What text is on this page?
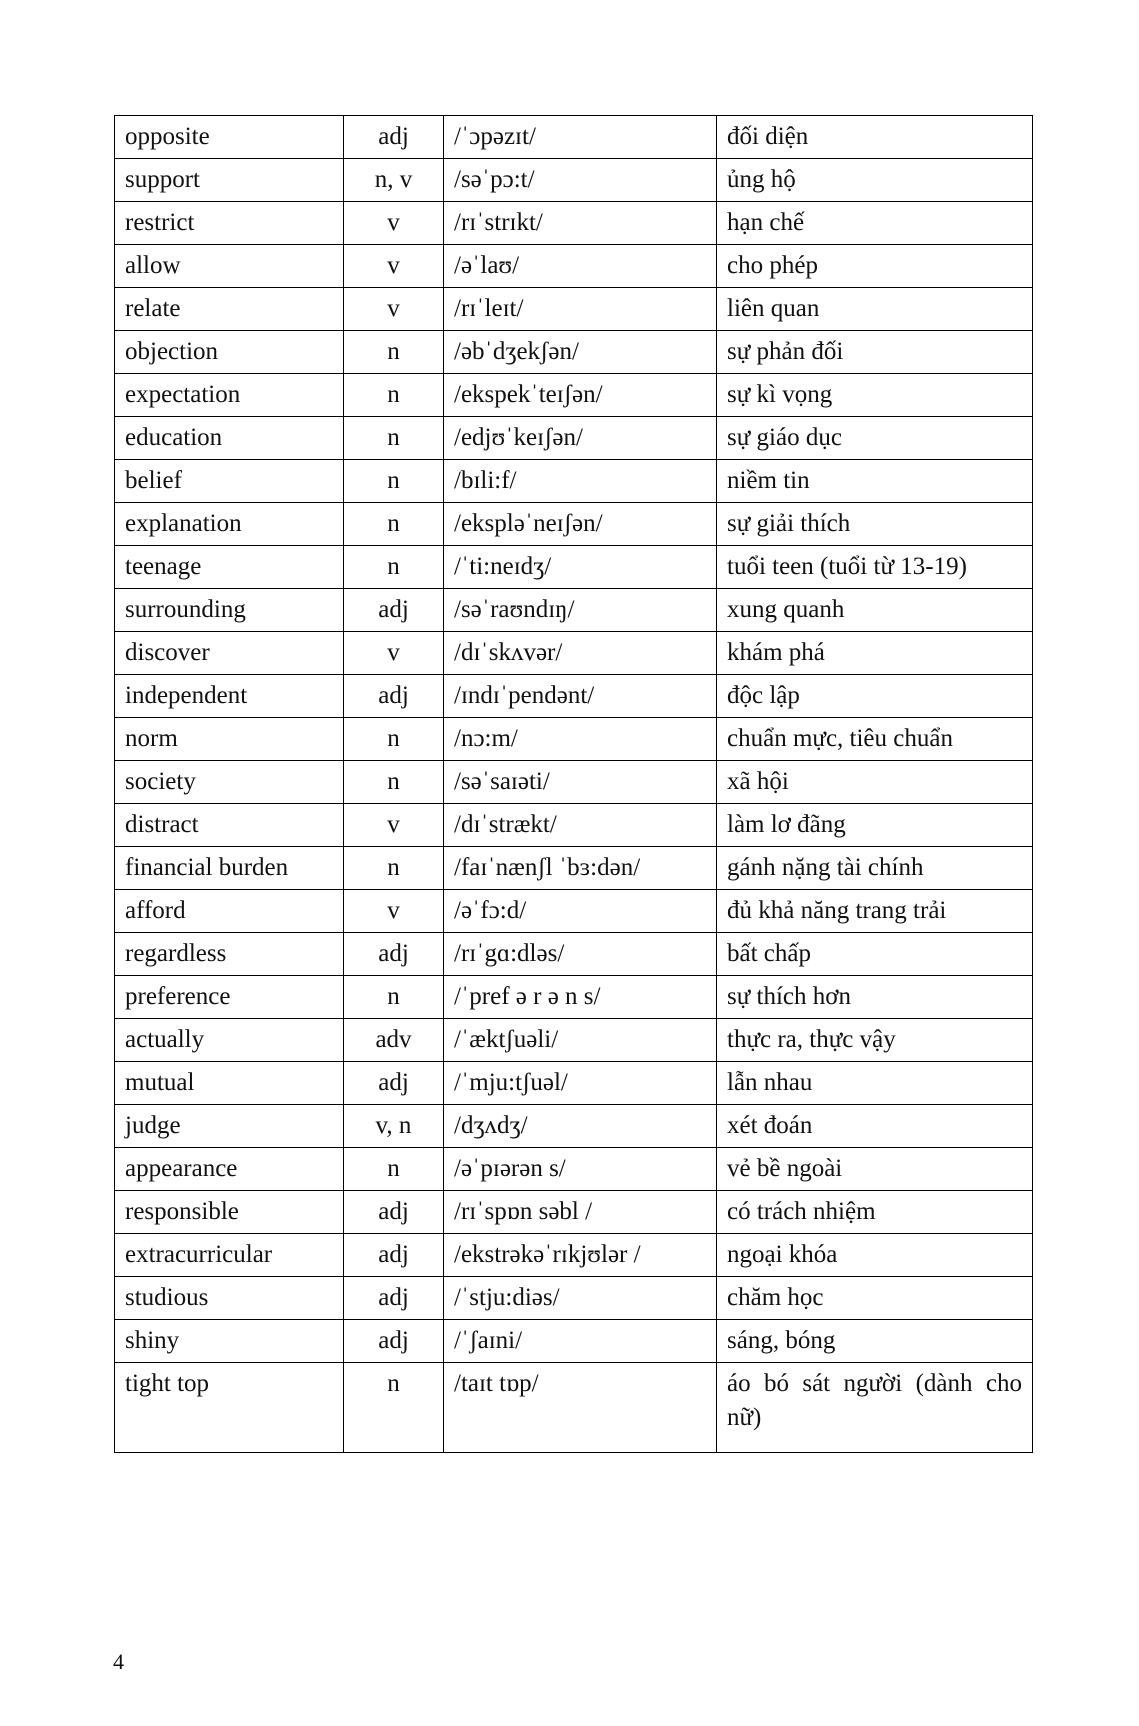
opposite	adj	/ˈɔpəzɪt/	đối diện
support	n, v	/səˈpɔ:t/	ủng hộ
restrict	v	/rɪˈstrɪkt/	hạn chế
allow	v	/əˈlaʊ/	cho phép
relate	v	/rɪˈleɪt/	liên quan
objection	n	/əbˈdʒekʃən/	sự phản đối
expectation	n	/ekspekˈteɪʃən/	sự kì vọng
education	n	/edjʊˈkeɪʃən/	sự giáo dục
belief	n	/bɪli:f/	niềm tin
explanation	n	/ekspləˈneɪʃən/	sự giải thích
teenage	n	/ˈti:neɪdʒ/	tuổi teen (tuổi từ 13-19)
surrounding	adj	/səˈraʊndɪŋ/	xung quanh
discover	v	/dɪˈskʌvər/	khám phá
independent	adj	/ɪndɪˈpendənt/	độc lập
norm	n	/nɔ:m/	chuẩn mực, tiêu chuẩn
society	n	/səˈsaɪəti/	xã hội
distract	v	/dɪˈstrækt/	làm lơ đãng
financial burden	n	/faɪˈnænʃl ˈbɜ:dən/	gánh nặng tài chính
afford	v	/əˈfɔ:d/	đủ khả năng trang trải
regardless	adj	/rɪˈgɑ:dləs/	bất chấp
preference	n	/ˈpref ə r ə n s/	sự thích hơn
actually	adv	/ˈæktʃuəli/	thực ra, thực vậy
mutual	adj	/ˈmju:tʃuəl/	lẫn nhau
judge	v, n	/dʒʌdʒ/	xét đoán
appearance	n	/əˈpɪərən s/	vẻ bề ngoài
responsible	adj	/rɪˈspɒn səbl /	có trách nhiệm
extracurricular	adj	/ekstrəkəˈrɪkjʊlər /	ngoại khóa
studious	adj	/ˈstju:diəs/	chăm học
shiny	adj	/ˈʃaɪni/	sáng, bóng
tight top	n	/taɪt tɒp/	áo bó sát người (dành cho nữ)
4
